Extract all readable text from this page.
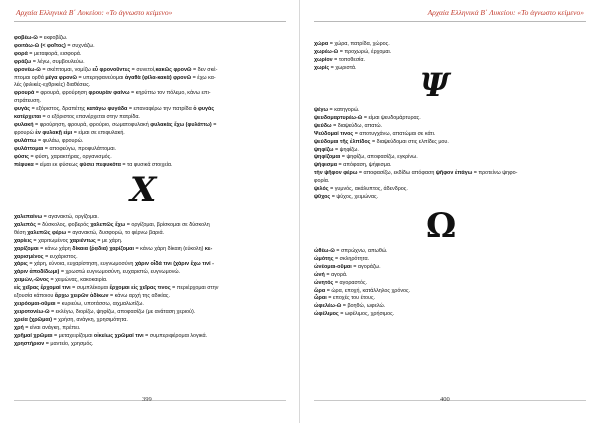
Αρχαία Ελληνικά Β΄ Λυκείου: «Το άγνωστο κείμενο»
φοβέω-ῶ = εκφοβίζω.
φοιτάω-ῶ (< φοῖτος) = συχνάζω.
φορά = μεταφορά, εισφορά.
φράζω = λέγω, συμβουλεύω.
φρονέω-ῶ = σκέπτομαι, νομίζω εὖ φρονοῦντες = συνετοί,κακῶς φρονῶ = δεν σκέ-
πτομαι ορθά μέγα φρονῶ = υπερηφανεύομαι ἀγαθὰ (φίλα-κακὰ) φρονῶ = έχω κα-
λές (φιλικές-εχθρικές) διαθέσεις.
φρουρά = φρουρά, φρούρηση φρουρὰν φαίνω = κηρύττω τον πόλεμο, κάνω επι-
στράτευση.
φυγάς = εξόριστος, δραπέτης κατάγω φυγάδα = επαναφέρω την πατρίδα ὁ φυγὰς
κατέρχεται = ο εξόριστος επανέρχεται στην πατρίδα.
φυλακή = φρούρηση, φρουρά, φρούριο, σωματοφυλακή φυλακὰς ἔχω (φυλάττω) =
φρουρώ ἐν φυλακῇ εἰμι = είμαι σε επιφυλακή.
φυλάττω = φυλάω, φρουρώ.
φυλάττομαι = αποφεύγω, προφυλάττομαι.
φύσις = φύση, χαρακτήρας, οργανισμός.
πέφυκα = είμαι εκ φύσεως φύσει πεφυκότα = τα φυσικά στοιχεία.
Χ
χαλεπαίνω = αγανακτώ, οργίζομαι.
χαλεπός = δύσκολος, φοβερός χαλεπῶς ἔχω = οργίζομαι, βρίσκομαι σε δύσκολη
θέση χαλεπῶς φέρω = αγανακτώ, δυσφορώ, το φέρνω βαριά.
χαρίεις = χαριτωμένος χαριέντως = με χάρη.
χαρίζομαι = κάνω χάρη δίκαια (ῥᾳδια) χαρίζομαι = κάνω χάρη δίκαιη (εύκολη) κε-
χαρισμένος = ευχάριστος.
χάρις = χάρη, εύνοια, ευχαρίστηση, ευγνωμοσύνη χάριν οἶδά τινι (χάριν ἔχω τινί -
χάριν ἀποδίδωμι) = χρωστώ ευγνωμοσύνη, ευχαριστώ, ευγνωμονώ.
χειμών,-ῶνος = χειμώνας, κακοκαιρία.
εἰς χεῖρας ἔρχομαί τινι = συμπλέκομαι ἔρχομαι εἰς χεῖρας τινος = περιέρχομαι στην
εξουσία κάποιου ἄρχω χειρῶν ἀδίκων = κάνω αρχή της αδικίας.
χειρόομαι-οῦμαι = κυριεύω, υποτάσσω, αιχμαλωτίζω.
χειροτονέω-ῶ = εκλέγω, διορίζω, ψηφίζω, αποφασίζω (με ανάταση χεριού).
χρεία (χρῶμαι) = χρήση, ανάγκη, χρησιμότητα.
χρή = είναι ανάγκη, πρέπει.
χρῆμαί χρῶμαι = μεταχειρίζομαι οἰκείως χρῶμαί τινι = συμπεριφέρομαι λογικά.
χρηστήριον = μαντείο, χρησμός.
399
Αρχαία Ελληνικά Β΄ Λυκείου: «Το άγνωστο κείμενο»
χώρα = χώρα, πατρίδα, χώρος.
χωρέω-ῶ = προχωρώ, έρχομαι.
χωρίον = τοποθεσία.
χωρίς = χωριστά.	Ψ
ψέγω = κατηγορώ.
ψευδομαρτυρέω-ῶ = είμαι ψευδομάρτυρας.
ψεύδω = διαψεύδω, απατώ.
Ψεύδομαί τινος = αποτυγχάνω, απατώμαι σε κάτι.
ψεύδομαι τῆς ἐλπίδος = διαψεύδομαι στις ελπίδες μου.
ψηφίζω = ψηφίζω.
ψηφίζομαι = ψηφίζω, αποφασίζω, εγκρίνω.
ψήφισμα = απόφαση, ψήφισμα.
τὴν ψῆφον φέρω = αποφασίζω, εκδίδω απόφαση ψῆφον ἐπάγω = προτείνω ψηφο-
φορία.
ψιλός = γυμνός, ακάλυπτος, άδενδρος.
ψῦχος = ψύχος, χειμώνας.
Ω
ὠθέω-ῶ = σπρώχνω, απωθώ.
ὠμότης = σκληρότητα.
ὠνέομαι-οῦμαι = αγοράζω.
ὠνή = αγορά.
ὠνητός = αγοραστός.
ὥρα = ώρα, εποχή, κατάλληλος χρόνος.
ὧραι = εποχές του έτους.
ὠφελέω-ῶ = βοηθώ, ωφελώ.
ὠφέλιμος = ωφέλιμος, χρήσιμος.
400
